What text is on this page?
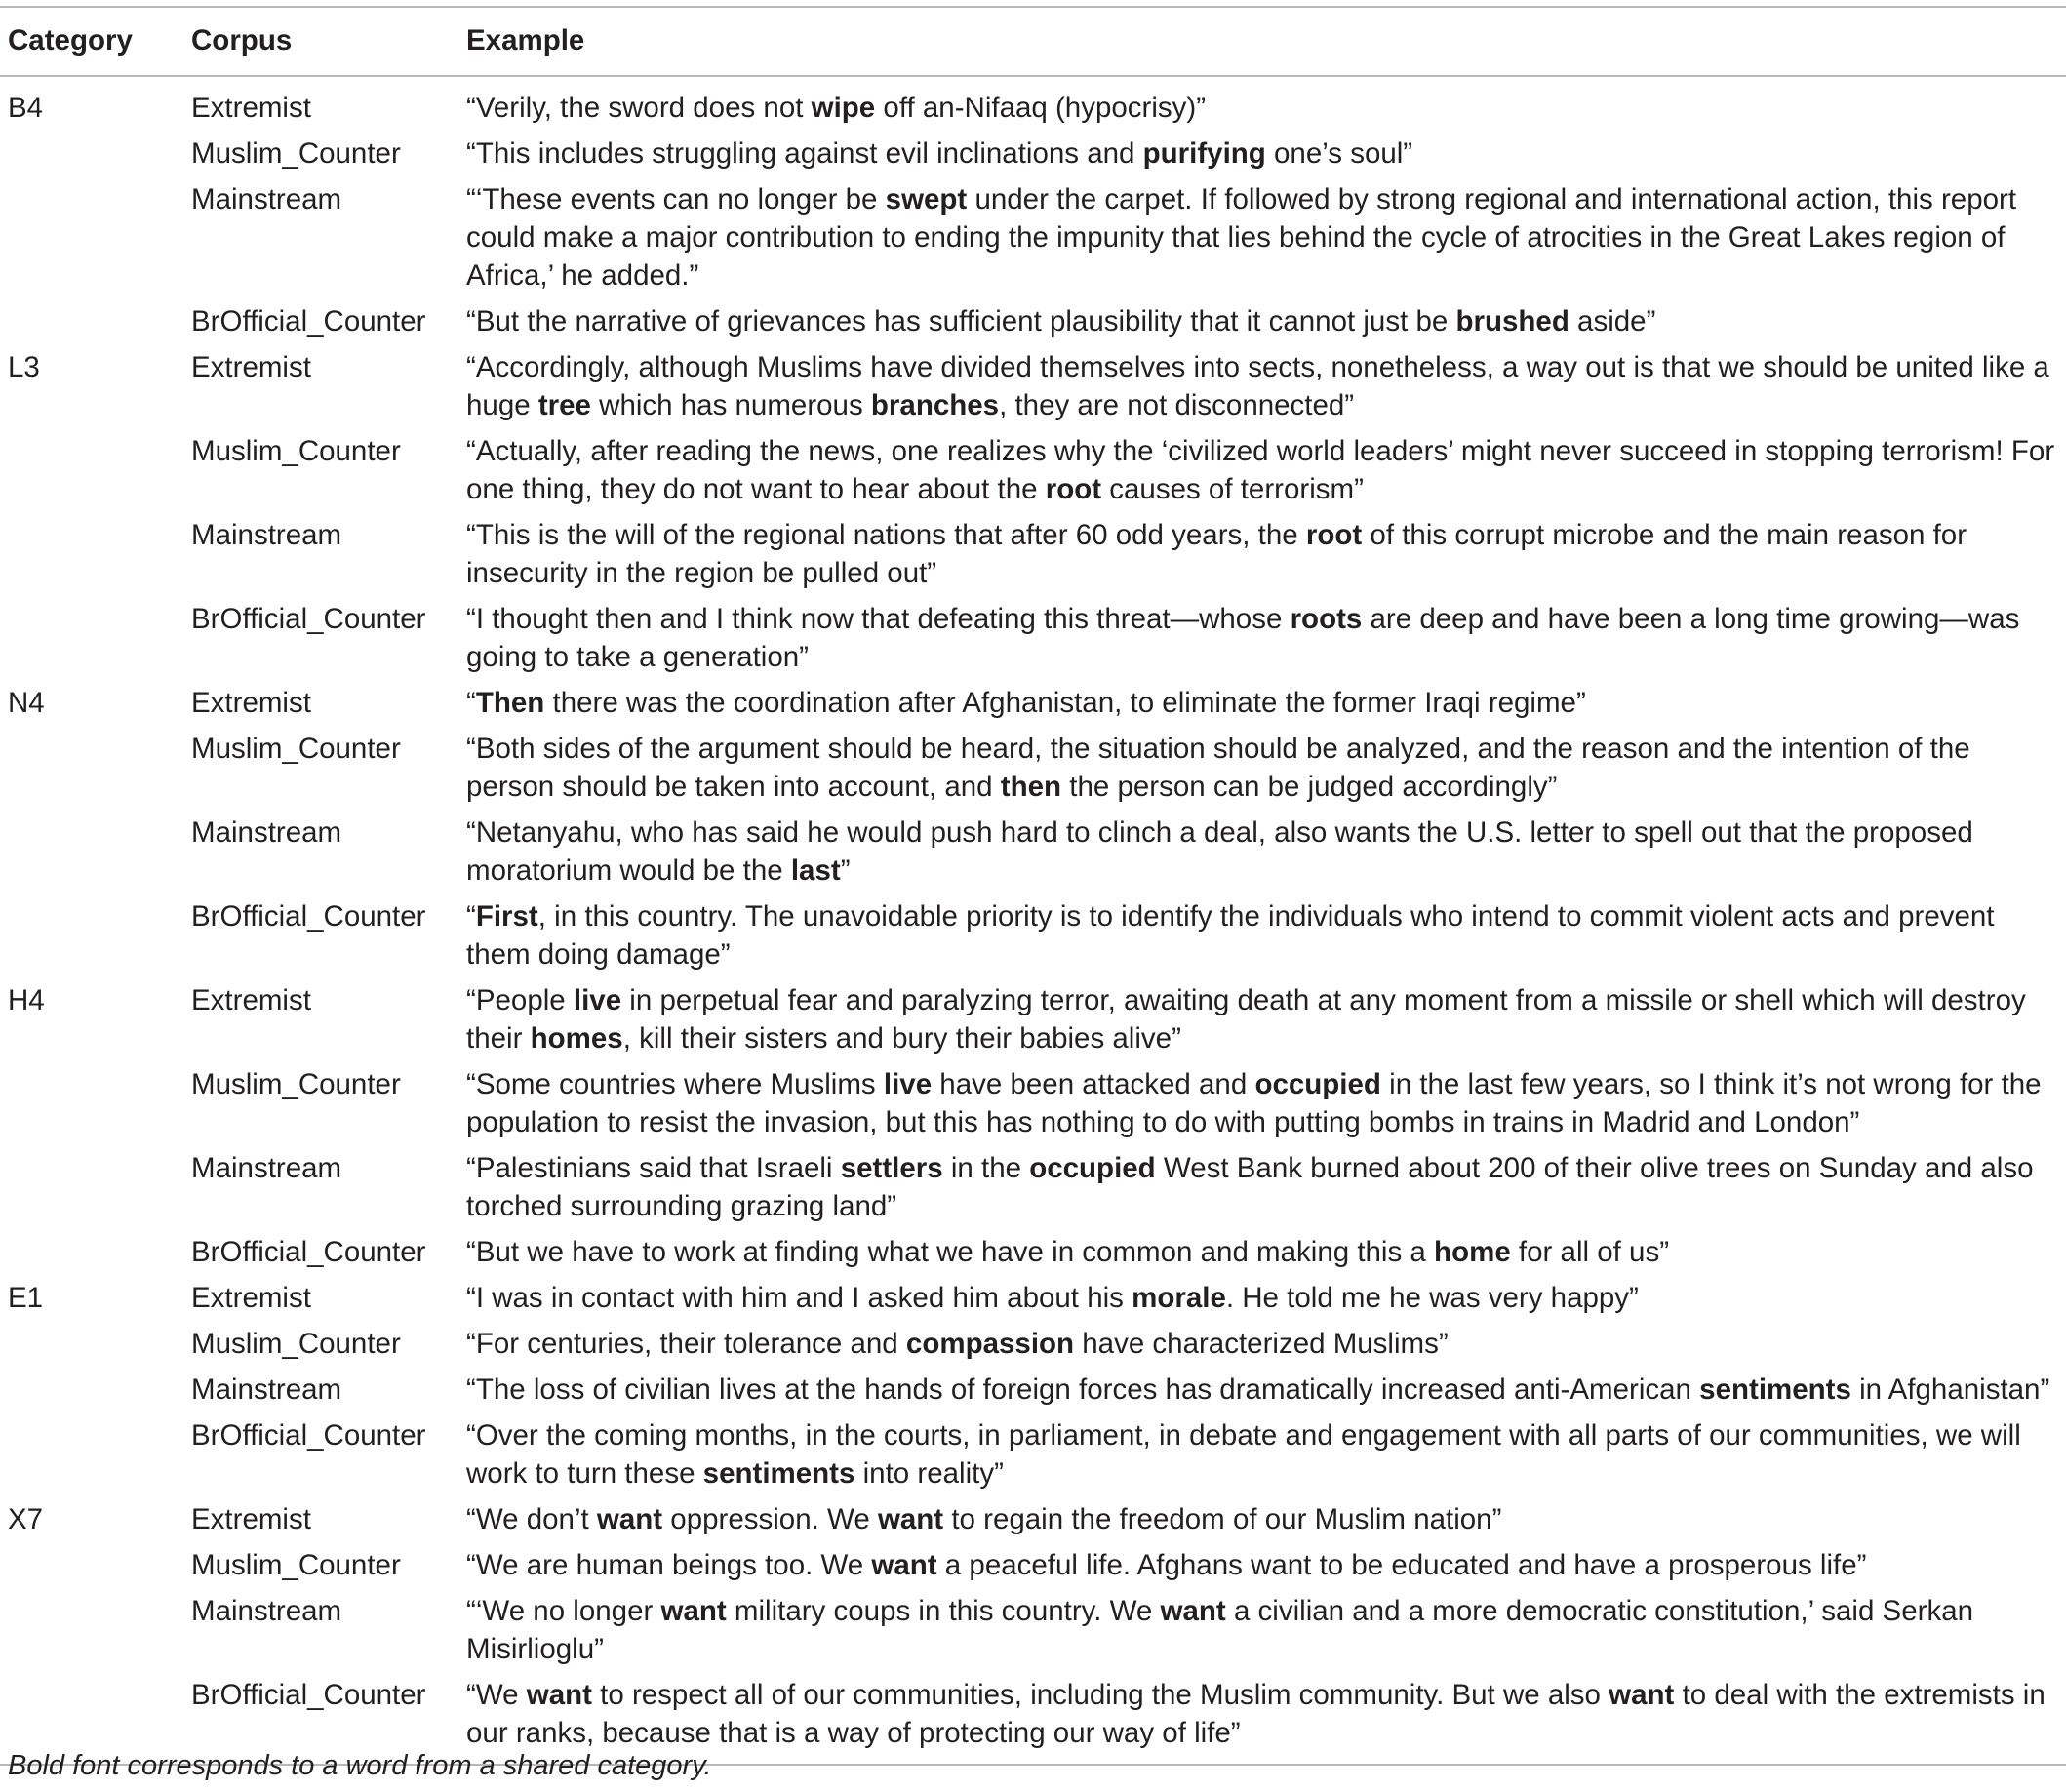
Category	Corpus	Example
B4	Extremist	“Verily, the sword does not wipe off an-Nifaaq (hypocrisy)”
	Muslim_Counter	“This includes struggling against evil inclinations and purifying one’s soul”
	Mainstream	“‘These events can no longer be swept under the carpet. If followed by strong regional and international action, this report could make a major contribution to ending the impunity that lies behind the cycle of atrocities in the Great Lakes region of Africa,’ he added.”
	BrOfficial_Counter	“But the narrative of grievances has sufficient plausibility that it cannot just be brushed aside”
L3	Extremist	“Accordingly, although Muslims have divided themselves into sects, nonetheless, a way out is that we should be united like a huge tree which has numerous branches, they are not disconnected”
	Muslim_Counter	“Actually, after reading the news, one realizes why the ‘civilized world leaders’ might never succeed in stopping terrorism! For one thing, they do not want to hear about the root causes of terrorism”
	Mainstream	“This is the will of the regional nations that after 60 odd years, the root of this corrupt microbe and the main reason for insecurity in the region be pulled out”
	BrOfficial_Counter	“I thought then and I think now that defeating this threat—whose roots are deep and have been a long time growing—was going to take a generation”
N4	Extremist	“Then there was the coordination after Afghanistan, to eliminate the former Iraqi regime”
	Muslim_Counter	“Both sides of the argument should be heard, the situation should be analyzed, and the reason and the intention of the person should be taken into account, and then the person can be judged accordingly”
	Mainstream	“Netanyahu, who has said he would push hard to clinch a deal, also wants the U.S. letter to spell out that the proposed moratorium would be the last”
	BrOfficial_Counter	“First, in this country. The unavoidable priority is to identify the individuals who intend to commit violent acts and prevent them doing damage”
H4	Extremist	“People live in perpetual fear and paralyzing terror, awaiting death at any moment from a missile or shell which will destroy their homes, kill their sisters and bury their babies alive”
	Muslim_Counter	“Some countries where Muslims live have been attacked and occupied in the last few years, so I think it’s not wrong for the population to resist the invasion, but this has nothing to do with putting bombs in trains in Madrid and London”
	Mainstream	“Palestinians said that Israeli settlers in the occupied West Bank burned about 200 of their olive trees on Sunday and also torched surrounding grazing land”
	BrOfficial_Counter	“But we have to work at finding what we have in common and making this a home for all of us”
E1	Extremist	“I was in contact with him and I asked him about his morale. He told me he was very happy”
	Muslim_Counter	“For centuries, their tolerance and compassion have characterized Muslims”
	Mainstream	“The loss of civilian lives at the hands of foreign forces has dramatically increased anti-American sentiments in Afghanistan”
	BrOfficial_Counter	“Over the coming months, in the courts, in parliament, in debate and engagement with all parts of our communities, we will work to turn these sentiments into reality”
X7	Extremist	“We don’t want oppression. We want to regain the freedom of our Muslim nation”
	Muslim_Counter	“We are human beings too. We want a peaceful life. Afghans want to be educated and have a prosperous life”
	Mainstream	“‘We no longer want military coups in this country. We want a civilian and a more democratic constitution,’ said Serkan Misirlioglu”
	BrOfficial_Counter	“We want to respect all of our communities, including the Muslim community. But we also want to deal with the extremists in our ranks, because that is a way of protecting our way of life”
Bold font corresponds to a word from a shared category.
